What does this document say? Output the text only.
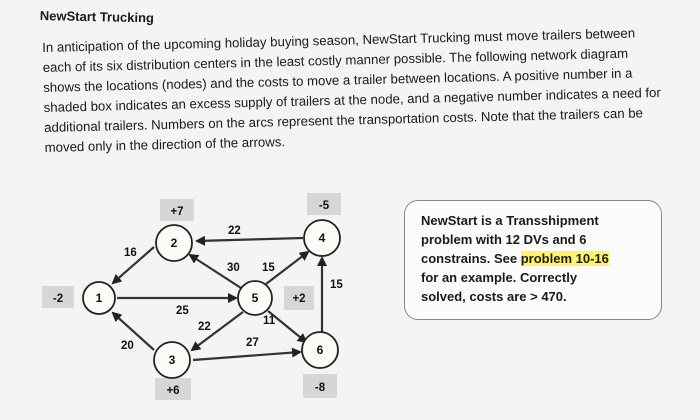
NewStart Trucking
In anticipation of the upcoming holiday buying season, NewStart Trucking must move trailers between each of its six distribution centers in the least costly manner possible. The following network diagram shows the locations (nodes) and the costs to move a trailer between locations. A positive number in a shaded box indicates an excess supply of trailers at the node, and a negative number indicates a need for additional trailers. Numbers on the arcs represent the transportation costs. Note that the trailers can be moved only in the direction of the arrows.
-2
+7
+6
-5
+2
-8
16
20
25
22
30 15
22	11
27
15
1
2
3
4
5
6
NewStart is a Transshipment
problem with 12 DVs and 6
constrains. See problem 10-16
for an example. Correctly
solved, costs are > 470.
